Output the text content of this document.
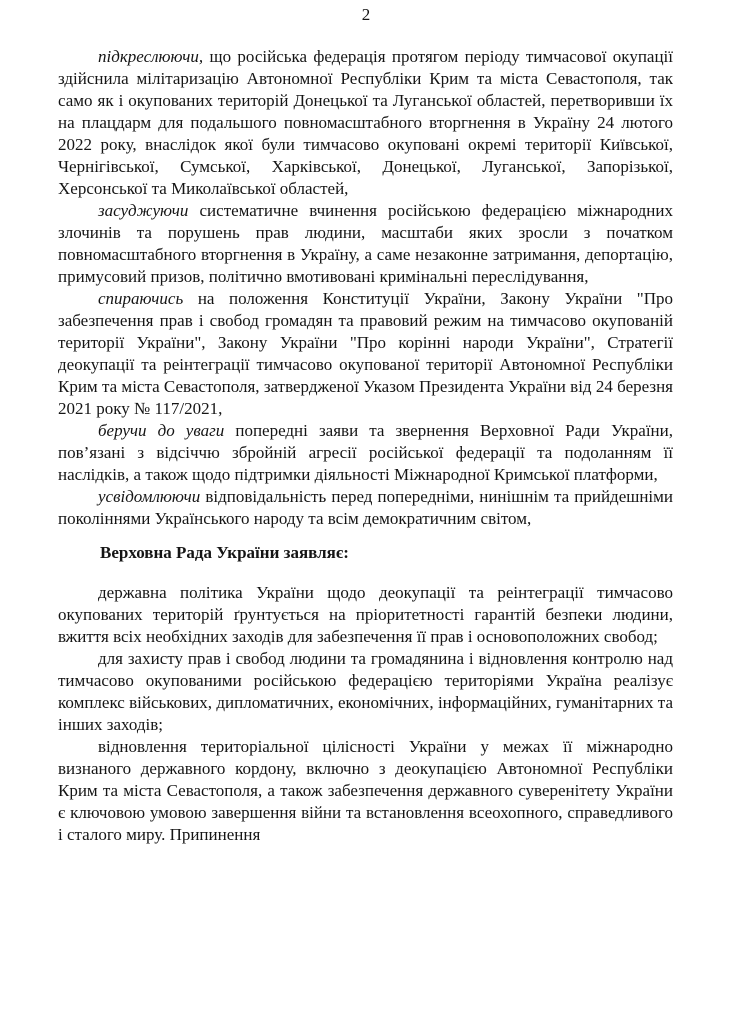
2

підкреслюючи, що російська федерація протягом періоду тимчасової окупації здійснила мілітаризацію Автономної Республіки Крим та міста Севастополя, так само як і окупованих територій Донецької та Луганської областей, перетворивши їх на плацдарм для подальшого повномасштабного вторгнення в Україну 24 лютого 2022 року, внаслідок якої були тимчасово окуповані окремі території Київської, Чернігівської, Сумської, Харківської, Донецької, Луганської, Запорізької, Херсонської та Миколаївської областей,

засуджуючи систематичне вчинення російською федерацією міжнародних злочинів та порушень прав людини, масштаби яких зросли з початком повномасштабного вторгнення в Україну, а саме незаконне затримання, депортацію, примусовий призов, політично вмотивовані кримінальні переслідування,

спираючись на положення Конституції України, Закону України "Про забезпечення прав і свобод громадян та правовий режим на тимчасово окупованій території України", Закону України "Про корінні народи України", Стратегії деокупації та реінтеграції тимчасово окупованої території Автономної Республіки Крим та міста Севастополя, затвердженої Указом Президента України від 24 березня 2021 року № 117/2021,

беручи до уваги попередні заяви та звернення Верховної Ради України, пов’язані з відсіччю збройній агресії російської федерації та подоланням її наслідків, а також щодо підтримки діяльності Міжнародної Кримської платформи,

усвідомлюючи відповідальність перед попередніми, нинішнім та прийдешніми поколіннями Українського народу та всім демократичним світом,

Верховна Рада України заявляє:

державна політика України щодо деокупації та реінтеграції тимчасово окупованих територій ґрунтується на пріоритетності гарантій безпеки людини, вжиття всіх необхідних заходів для забезпечення її прав і основоположних свобод;

для захисту прав і свобод людини та громадянина і відновлення контролю над тимчасово окупованими російською федерацією територіями Україна реалізує комплекс військових, дипломатичних, економічних, інформаційних, гуманітарних та інших заходів;

відновлення територіальної цілісності України у межах її міжнародно визнаного державного кордону, включно з деокупацією Автономної Республіки Крим та міста Севастополя, а також забезпечення державного суверенітету України є ключовою умовою завершення війни та встановлення всеохопного, справедливого і сталого миру. Припинення
